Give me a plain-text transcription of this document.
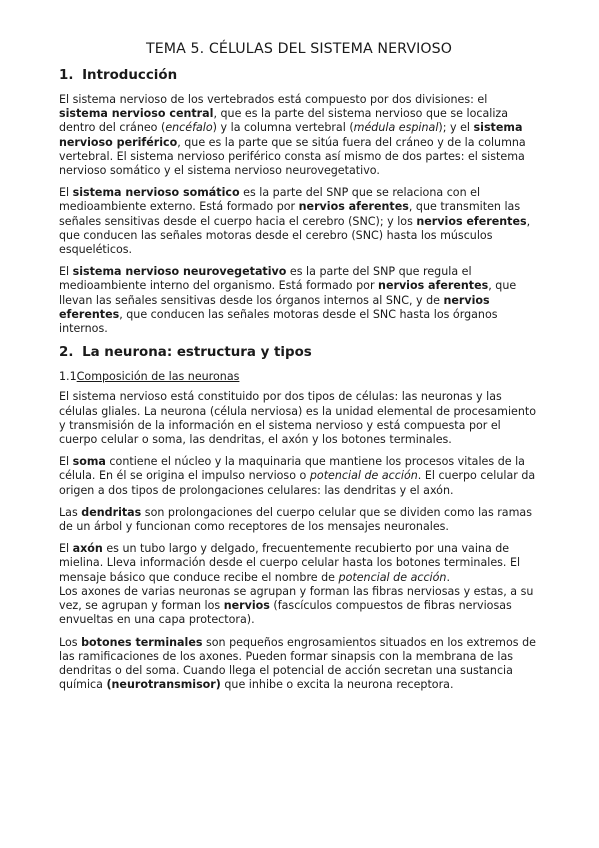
TEMA 5. CÉLULAS DEL SISTEMA NERVIOSO
1. Introducción

El sistema nervioso de los vertebrados está compuesto por dos divisiones: el sistema nervioso central, que es la parte del sistema nervioso que se localiza dentro del cráneo (encéfalo) y la columna vertebral (médula espinal); y el sistema nervioso periférico, que es la parte que se sitúa fuera del cráneo y de la columna vertebral. El sistema nervioso periférico consta así mismo de dos partes: el sistema nervioso somático y el sistema nervioso neurovegetativo.

El sistema nervioso somático es la parte del SNP que se relaciona con el medioambiente externo. Está formado por nervios aferentes, que transmiten las señales sensitivas desde el cuerpo hacia el cerebro (SNC); y los nervios eferentes, que conducen las señales motoras desde el cerebro (SNC) hasta los músculos esqueléticos.

El sistema nervioso neurovegetativo es la parte del SNP que regula el medioambiente interno del organismo. Está formado por nervios aferentes, que llevan las señales sensitivas desde los órganos internos al SNC, y de nervios eferentes, que conducen las señales motoras desde el SNC hasta los órganos internos.

2. La neurona: estructura y tipos
1.1Composición de las neuronas

El sistema nervioso está constituido por dos tipos de células: las neuronas y las células gliales. La neurona (célula nerviosa) es la unidad elemental de procesamiento y transmisión de la información en el sistema nervioso y está compuesta por el cuerpo celular o soma, las dendritas, el axón y los botones terminales.

El soma contiene el núcleo y la maquinaria que mantiene los procesos vitales de la célula. En él se origina el impulso nervioso o potencial de acción. El cuerpo celular da origen a dos tipos de prolongaciones celulares: las dendritas y el axón.

Las dendritas son prolongaciones del cuerpo celular que se dividen como las ramas de un árbol y funcionan como receptores de los mensajes neuronales.

El axón es un tubo largo y delgado, frecuentemente recubierto por una vaina de mielina. Lleva información desde el cuerpo celular hasta los botones terminales. El mensaje básico que conduce recibe el nombre de potencial de acción.

Los axones de varias neuronas se agrupan y forman las fibras nerviosas y estas, a su vez, se agrupan y forman los nervios (fascículos compuestos de fibras nerviosas envueltas en una capa protectora).

Los botones terminales son pequeños engrosamientos situados en los extremos de las ramificaciones de los axones. Pueden formar sinapsis con la membrana de las dendritas o del soma. Cuando llega el potencial de acción secretan una sustancia química (neurotransmisor) que inhibe o excita la neurona receptora.
